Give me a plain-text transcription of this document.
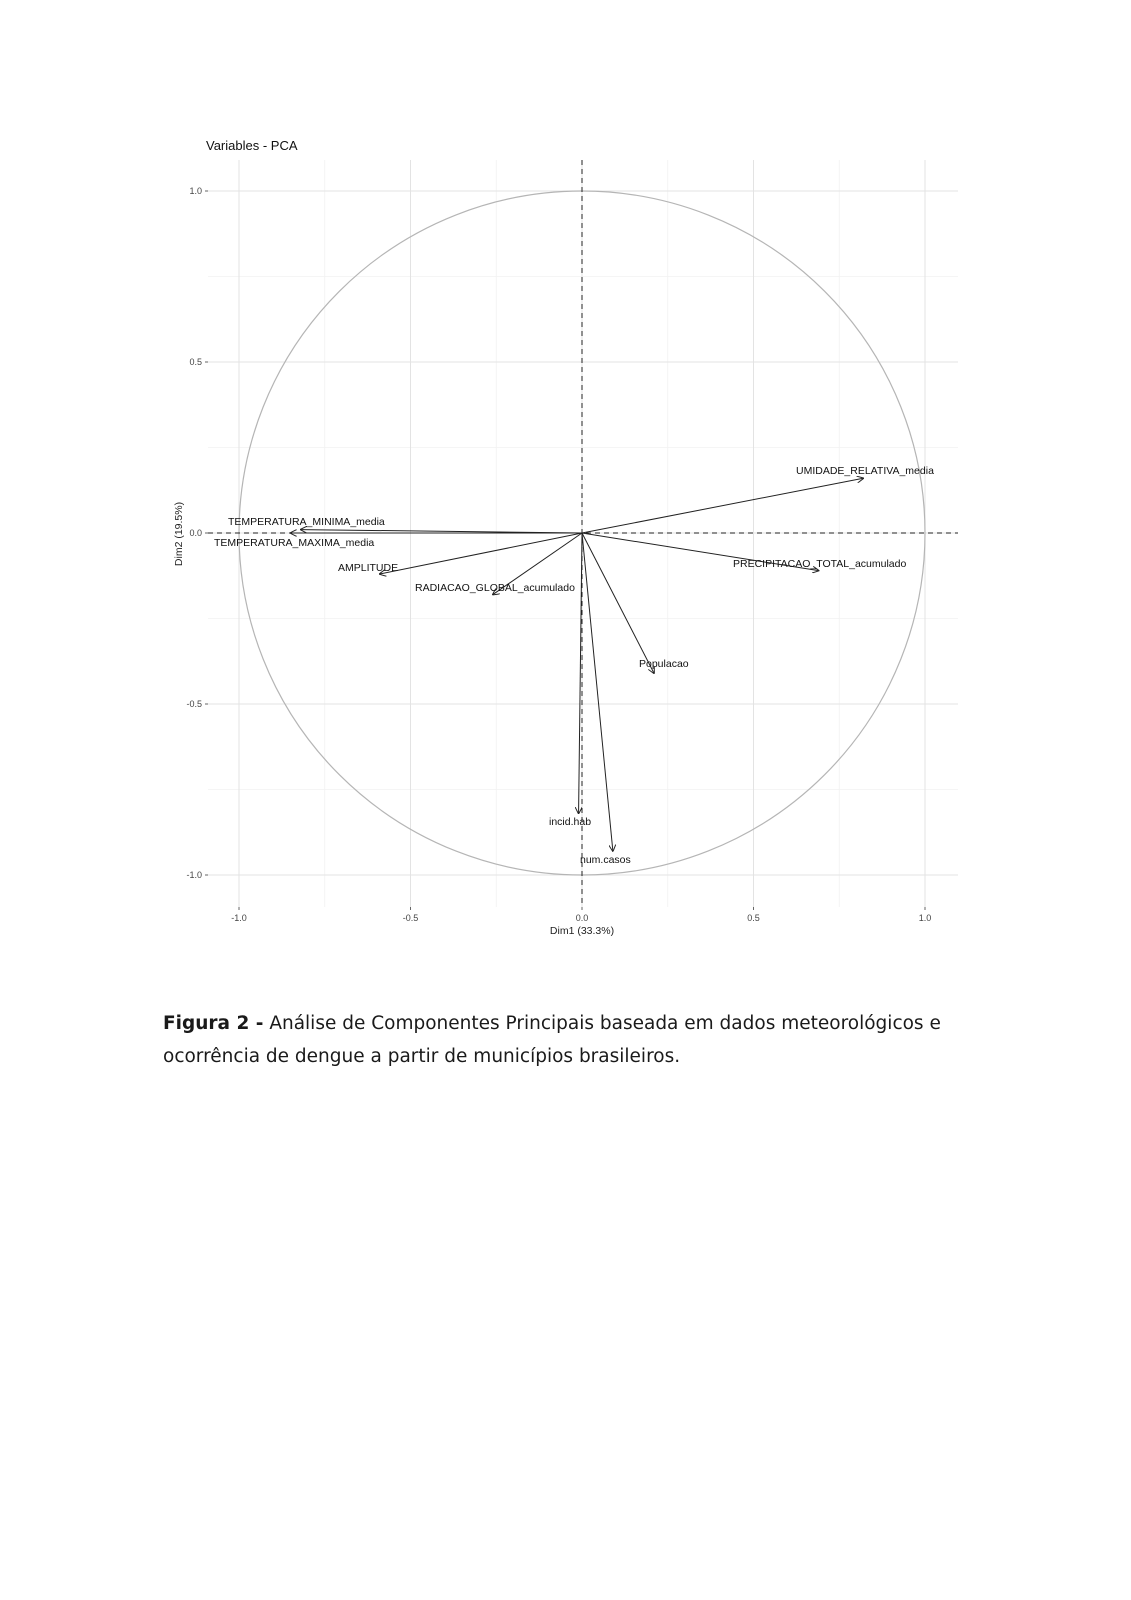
UMIDADE_RELATIVA_media
PRECIPITACAO_TOTAL_acumulado
TEMPERATURA_MINIMA_media
TEMPERATURA_MAXIMA_media
AMPLITUDE
RADIACAO_GLOBAL_acumulado
Populacao
incid.hab
num.casos
-1.0	-0.5	0.0	0.5	1.0
1.0
0.5
0.0
-0.5
-1.0
Variables - PCA
Dim1 (33.3%)
Dim2 (19.5%)
Figura 2 - Análise de Componentes Principais baseada em dados meteorológicos e ocorrência de dengue a partir de municípios brasileiros.
